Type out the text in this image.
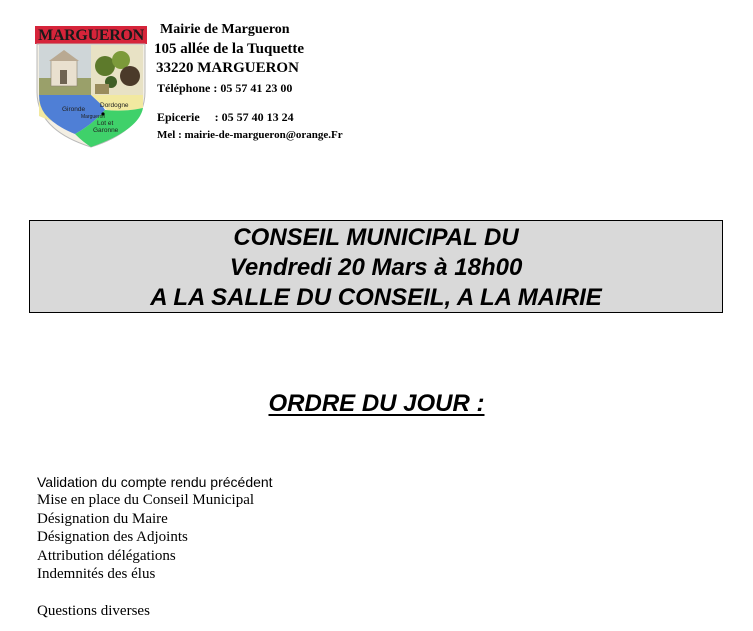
MARGUERON
Gironde
Dordogne
Margueron
Lot et
Garonne
Mairie de Margueron
105 allée de la Tuquette
33220 MARGUERON
Téléphone : 05 57 41 23 00
Epicerie     : 05 57 40 13 24
Mel : mairie-de-margueron@orange.Fr
CONSEIL MUNICIPAL DU
Vendredi 20 Mars à 18h00
A LA SALLE DU CONSEIL, A LA MAIRIE
ORDRE DU JOUR :
Validation du compte rendu précédent
Mise en place du Conseil Municipal
Désignation du Maire
Désignation des Adjoints
Attribution délégations
Indemnités des élus
Questions diverses
